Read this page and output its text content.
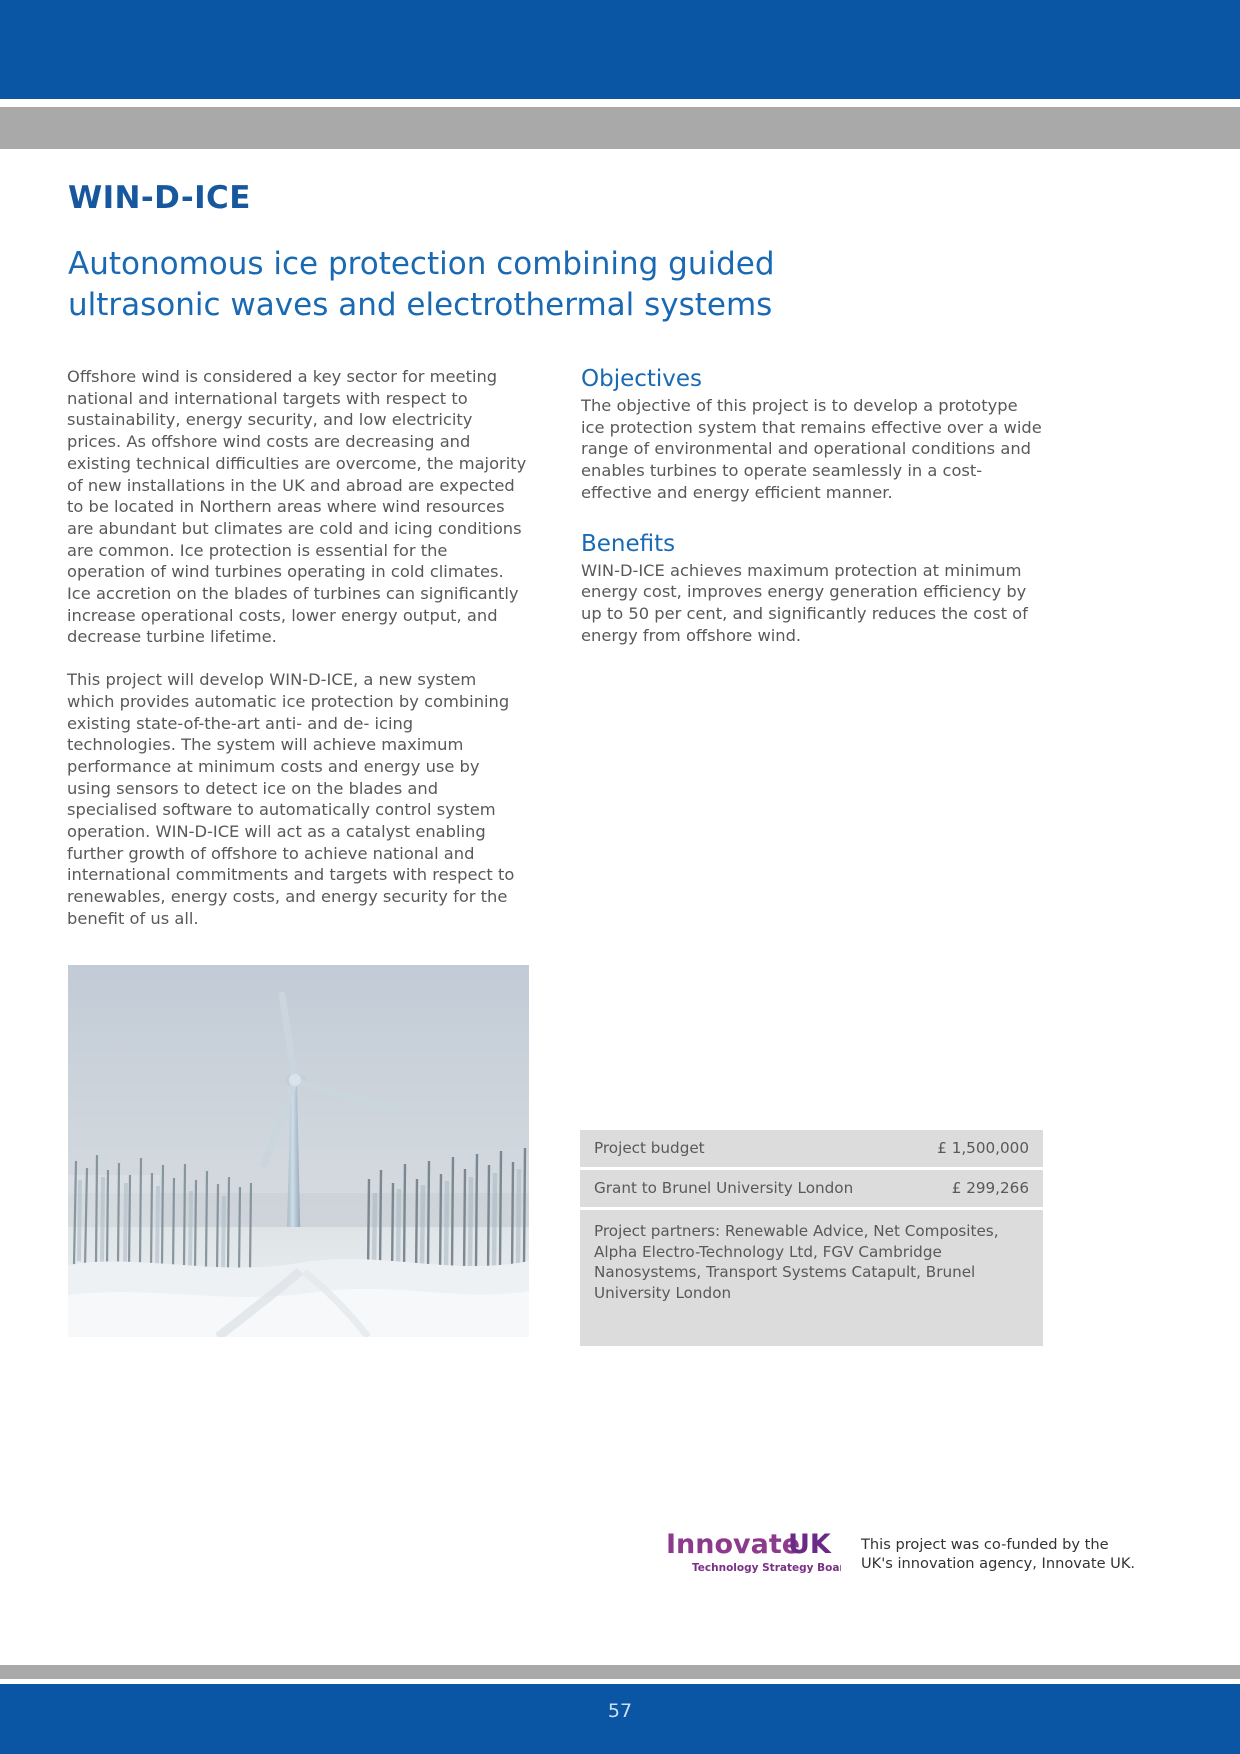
WIN-D-ICE
Autonomous ice protection combining guided ultrasonic waves and electrothermal systems

Offshore wind is considered a key sector for meeting national and international targets with respect to sustainability, energy security, and low electricity prices. As offshore wind costs are decreasing and existing technical difficulties are overcome, the majority of new installations in the UK and abroad are expected to be located in Northern areas where wind resources are abundant but climates are cold and icing conditions are common. Ice protection is essential for the operation of wind turbines operating in cold climates. Ice accretion on the blades of turbines can significantly increase operational costs, lower energy output, and decrease turbine lifetime.

This project will develop WIN-D-ICE, a new system which provides automatic ice protection by combining existing state-of-the-art anti- and de- icing technologies. The system will achieve maximum performance at minimum costs and energy use by using sensors to detect ice on the blades and specialised software to automatically control system operation. WIN-D-ICE will act as a catalyst enabling further growth of offshore to achieve national and international commitments and targets with respect to renewables, energy costs, and energy security for the benefit of us all.

Objectives

The objective of this project is to develop a prototype ice protection system that remains effective over a wide range of environmental and operational conditions and enables turbines to operate seamlessly in a cost-effective and energy efficient manner.

Benefits

WIN-D-ICE achieves maximum protection at minimum energy cost, improves energy generation efficiency by up to 50 per cent, and significantly reduces the cost of energy from offshore wind.

Project budget	£ 1,500,000
Grant to Brunel University London	£ 299,266
Project partners: Renewable Advice, Net Composites, Alpha Electro-Technology Ltd, FGV Cambridge Nanosystems, Transport Systems Catapult, Brunel University London
Innovate
UK
Technology Strategy Board
This project was co-funded by the
UK's innovation agency, Innovate UK.
57
